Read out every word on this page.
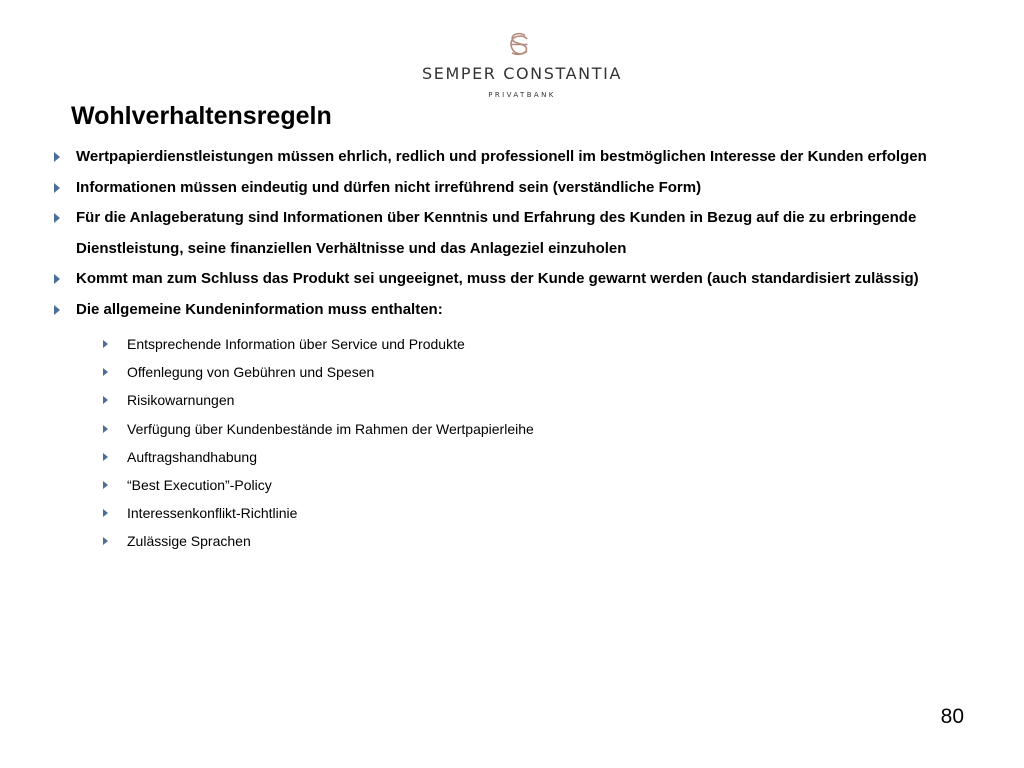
SEMPER CONSTANTIA
PRIVATBANK
Wohlverhaltensregeln
Wertpapierdienstleistungen müssen ehrlich, redlich und professionell im bestmöglichen Interesse der Kunden erfolgen
Informationen müssen eindeutig und dürfen nicht irreführend sein (verständliche Form)
Für die Anlageberatung sind Informationen über Kenntnis und Erfahrung des Kunden in Bezug auf die zu erbringende Dienstleistung, seine finanziellen Verhältnisse und das Anlageziel einzuholen
Kommt man zum Schluss das Produkt sei ungeeignet, muss der Kunde gewarnt werden (auch standardisiert zulässig)
Die allgemeine Kundeninformation muss enthalten:
Entsprechende Information über Service und Produkte
Offenlegung von Gebühren und Spesen
Risikowarnungen
Verfügung über Kundenbestände im Rahmen der Wertpapierleihe
Auftragshandhabung
“Best Execution”-Policy
Interessenkonflikt-Richtlinie
Zulässige Sprachen
80
